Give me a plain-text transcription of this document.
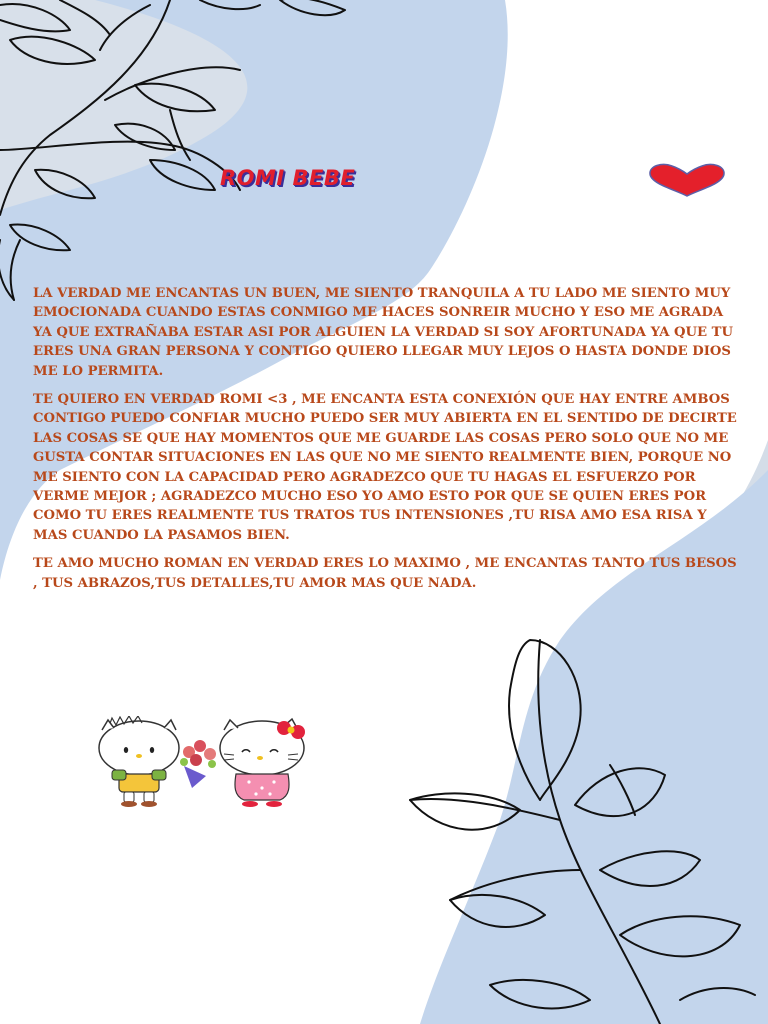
ROMI BEBE

LA VERDAD ME ENCANTAS UN BUEN, ME SIENTO TRANQUILA A TU LADO ME SIENTO MUY EMOCIONADA CUANDO ESTAS CONMIGO ME HACES SONREIR MUCHO Y ESO ME AGRADA YA QUE EXTRAÑABA ESTAR ASI POR ALGUIEN LA VERDAD SI SOY AFORTUNADA YA QUE TU ERES UNA GRAN PERSONA Y CONTIGO QUIERO LLEGAR MUY LEJOS O HASTA DONDE DIOS ME LO PERMITA.

TE QUIERO EN VERDAD ROMI <3 , ME ENCANTA ESTA CONEXIÓN QUE HAY ENTRE AMBOS CONTIGO PUEDO CONFIAR MUCHO PUEDO SER MUY ABIERTA EN EL SENTIDO DE DECIRTE LAS COSAS SE QUE HAY MOMENTOS QUE ME GUARDE LAS COSAS PERO SOLO QUE NO ME GUSTA CONTAR SITUACIONES EN LAS QUE NO ME SIENTO REALMENTE BIEN, PORQUE NO ME SIENTO CON LA CAPACIDAD PERO AGRADEZCO QUE TU HAGAS EL ESFUERZO POR VERME MEJOR ; AGRADEZCO MUCHO ESO YO AMO ESTO POR QUE SE QUIEN ERES POR COMO TU ERES REALMENTE TUS TRATOS TUS INTENSIONES ,TU RISA AMO ESA RISA Y MAS CUANDO LA PASAMOS BIEN.

TE AMO MUCHO ROMAN EN VERDAD ERES LO MAXIMO , ME ENCANTAS TANTO TUS BESOS , TUS ABRAZOS,TUS DETALLES,TU AMOR MAS QUE NADA.
